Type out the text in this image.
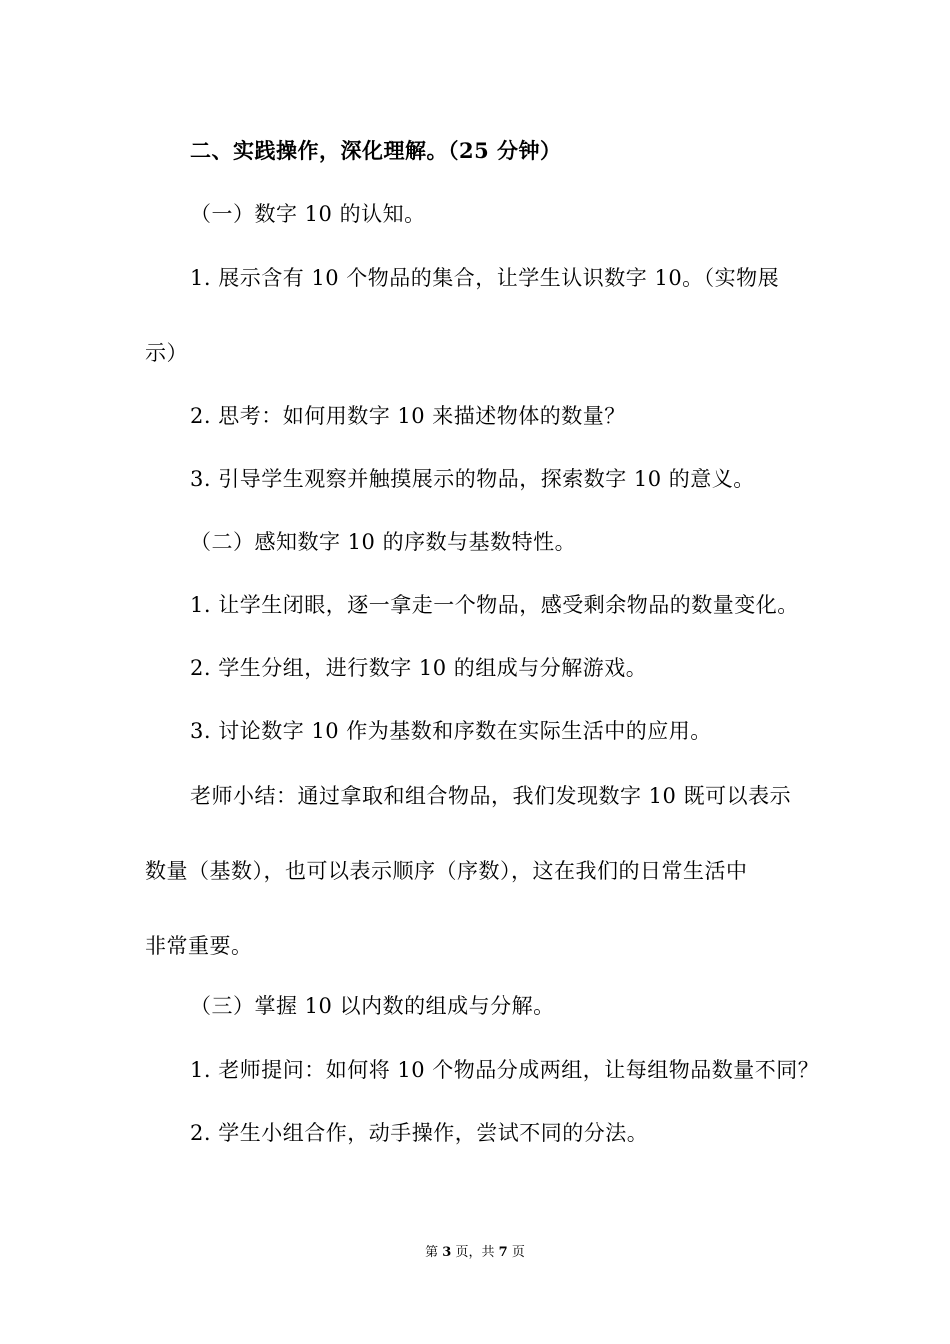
二、实践操作，深化理解。（25 分钟）
（一）数字 10 的认知。
1. 展示含有 10 个物品的集合，让学生认识数字 10。（实物展
示）
2. 思考：如何用数字 10 来描述物体的数量？
3. 引导学生观察并触摸展示的物品，探索数字 10 的意义。
（二）感知数字 10 的序数与基数特性。
1. 让学生闭眼，逐一拿走一个物品，感受剩余物品的数量变化。
2. 学生分组，进行数字 10 的组成与分解游戏。
3. 讨论数字 10 作为基数和序数在实际生活中的应用。
老师小结：通过拿取和组合物品，我们发现数字 10 既可以表示
数量（基数），也可以表示顺序（序数），这在我们的日常生活中
非常重要。
（三）掌握 10 以内数的组成与分解。
1. 老师提问：如何将 10 个物品分成两组，让每组物品数量不同？
2. 学生小组合作，动手操作，尝试不同的分法。
第 3 页，共 7 页
